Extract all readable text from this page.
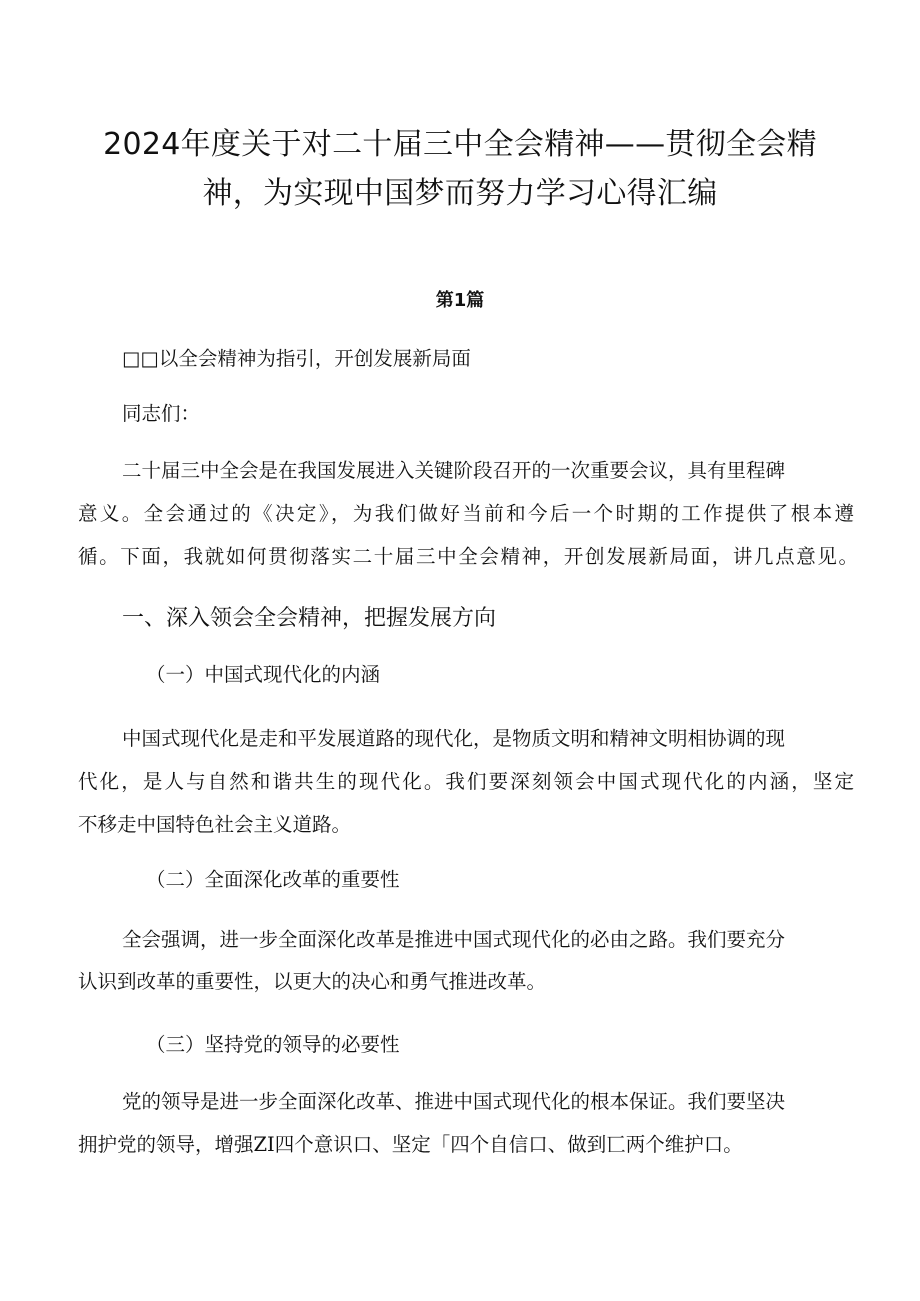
2024年度关于对二十届三中全会精神——贯彻全会精
神，为实现中国梦而努力学习心得汇编
第1篇
□□以全会精神为指引，开创发展新局面
同志们：
二十届三中全会是在我国发展进入关键阶段召开的一次重要会议，具有里程碑
意义。全会通过的《决定》，为我们做好当前和今后一个时期的工作提供了根本遵
循。下面，我就如何贯彻落实二十届三中全会精神，开创发展新局面，讲几点意见。
一、深入领会全会精神，把握发展方向
（一）中国式现代化的内涵
中国式现代化是走和平发展道路的现代化，是物质文明和精神文明相协调的现
代化，是人与自然和谐共生的现代化。我们要深刻领会中国式现代化的内涵，坚定
不移走中国特色社会主义道路。
（二）全面深化改革的重要性
全会强调，进一步全面深化改革是推进中国式现代化的必由之路。我们要充分
认识到改革的重要性，以更大的决心和勇气推进改革。
（三）坚持党的领导的必要性
党的领导是进一步全面深化改革、推进中国式现代化的根本保证。我们要坚决
拥护党的领导，增强ZI四个意识口、坚定「四个自信口、做到匸两个维护口。
